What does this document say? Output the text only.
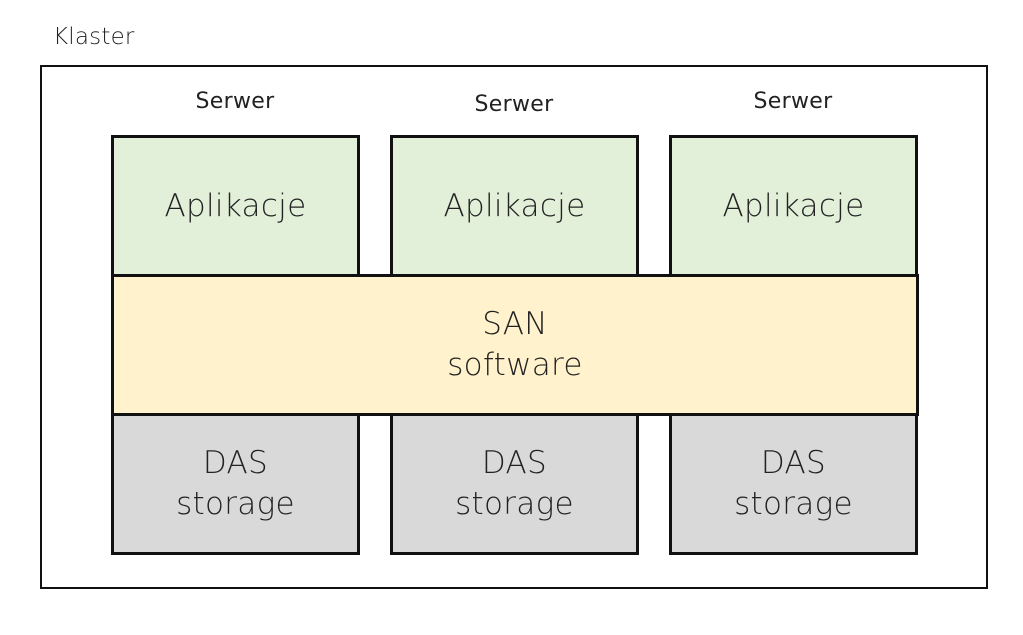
Klaster
Serwer	Serwer	Serwer
Aplikacje	Aplikacje	Aplikacje
SAN
software
DAS
storage
DAS
storage
DAS
storage
